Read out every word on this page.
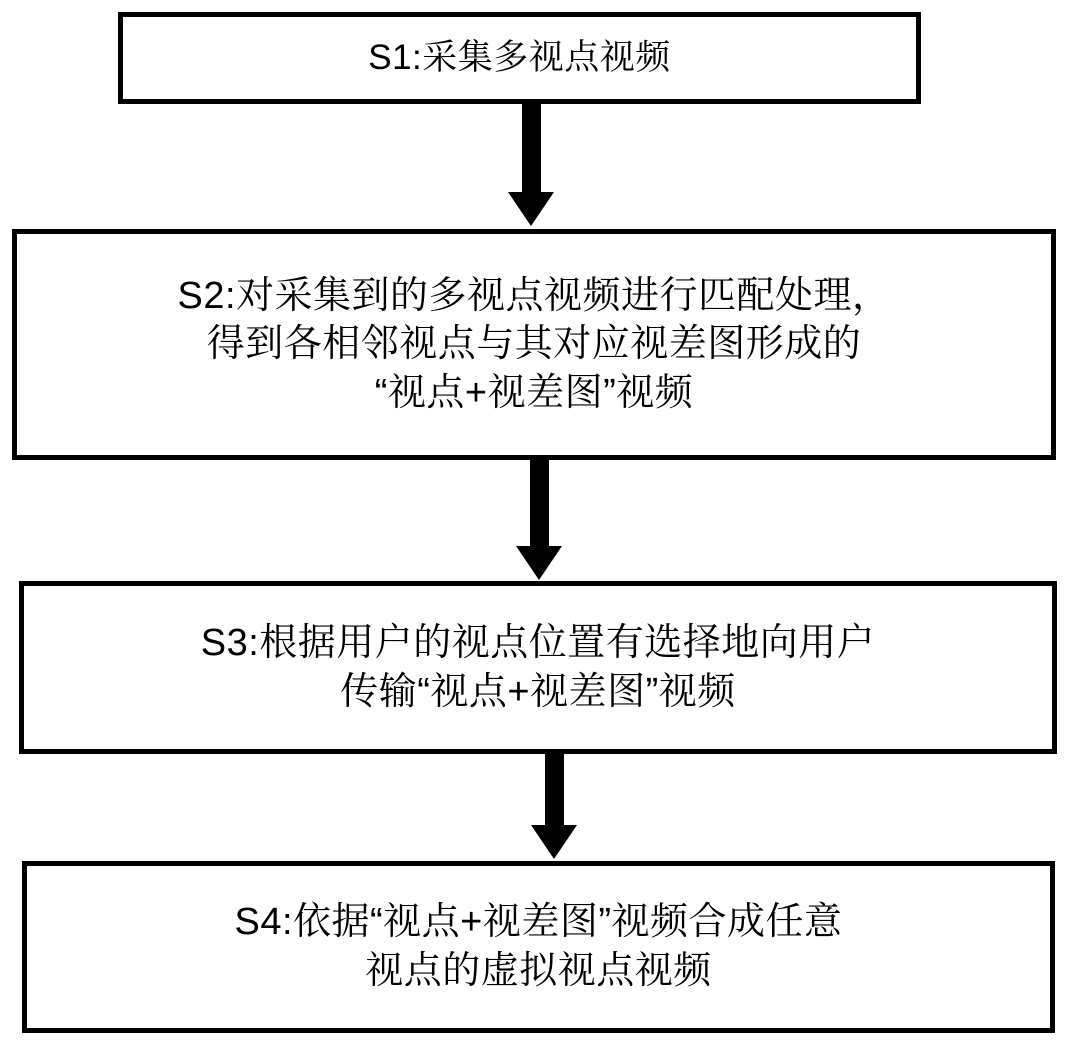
S1:采集多视点视频
S2:对采集到的多视点视频进行匹配处理，
得到各相邻视点与其对应视差图形成的
“视点+视差图”视频
S3:根据用户的视点位置有选择地向用户
传输“视点+视差图”视频
S4:依据“视点+视差图”视频合成任意
视点的虚拟视点视频
